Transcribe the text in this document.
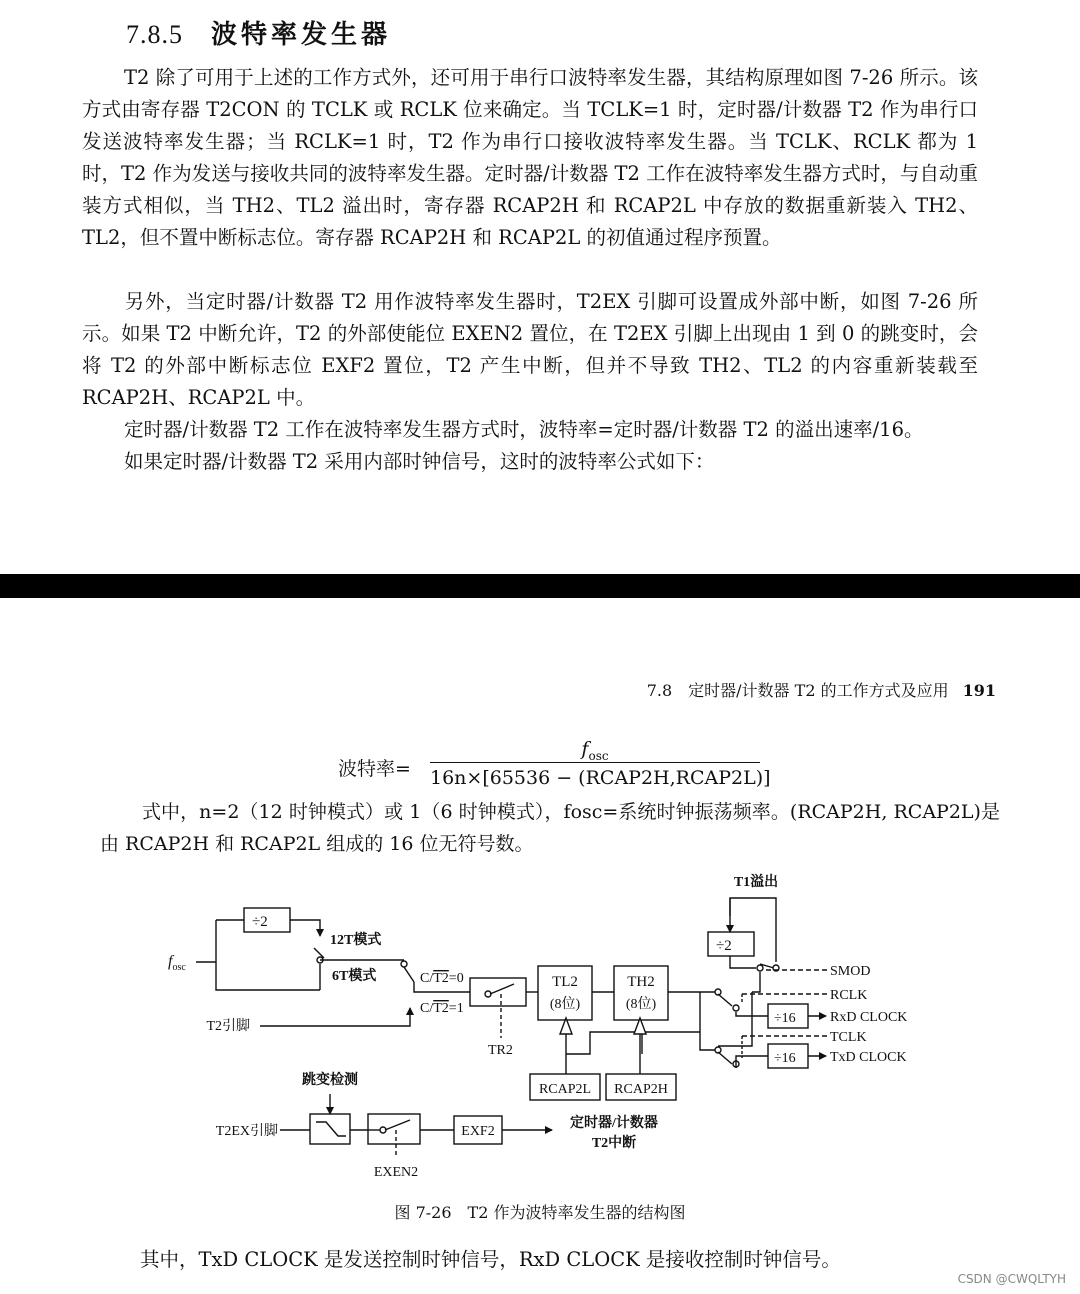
7.8.5 波特率发生器
T2 除了可用于上述的工作方式外，还可用于串行口波特率发生器，其结构原理如图 7-26 所示。该方式由寄存器 T2CON 的 TCLK 或 RCLK 位来确定。当 TCLK=1 时，定时器/计数器 T2 作为串行口发送波特率发生器；当 RCLK=1 时，T2 作为串行口接收波特率发生器。当 TCLK、RCLK 都为 1 时，T2 作为发送与接收共同的波特率发生器。定时器/计数器 T2 工作在波特率发生器方式时，与自动重装方式相似，当 TH2、TL2 溢出时，寄存器 RCAP2H 和 RCAP2L 中存放的数据重新装入 TH2、TL2，但不置中断标志位。寄存器 RCAP2H 和 RCAP2L 的初值通过程序预置。
另外，当定时器/计数器 T2 用作波特率发生器时，T2EX 引脚可设置成外部中断，如图 7-26 所示。如果 T2 中断允许，T2 的外部使能位 EXEN2 置位，在 T2EX 引脚上出现由 1 到 0 的跳变时，会将 T2 的外部中断标志位 EXF2 置位，T2 产生中断，但并不导致 TH2、TL2 的内容重新装载至 RCAP2H、RCAP2L 中。
定时器/计数器 T2 工作在波特率发生器方式时，波特率=定时器/计数器 T2 的溢出速率/16。
如果定时器/计数器 T2 采用内部时钟信号，这时的波特率公式如下：
7.8　定时器/计数器 T2 的工作方式及应用 191
波特率=
$f_{osc}$
16n×[65536 − (RCAP2H,RCAP2L)]
式中，n=2（12 时钟模式）或 1（6 时钟模式），fosc=系统时钟振荡频率。(RCAP2H, RCAP2L)是由 RCAP2H 和 RCAP2L 组成的 16 位无符号数。
$f_{osc}$
÷2
12T模式
6T模式	C/T2=0
C/T2=1
T2引脚
TR2
TL2
(8位)
TH2
(8位)
RCAP2L RCAP2H
T1溢出
÷2
SMOD
RCLK
÷16 RxD CLOCK
TCLK
÷16 TxD CLOCK
跳变检测
T2EX引脚
EXEN2
EXF2
定时器/计数器
T2中断
图 7-26　T2 作为波特率发生器的结构图
其中，TxD CLOCK 是发送控制时钟信号，RxD CLOCK 是接收控制时钟信号。
CSDN @CWQLTYH
